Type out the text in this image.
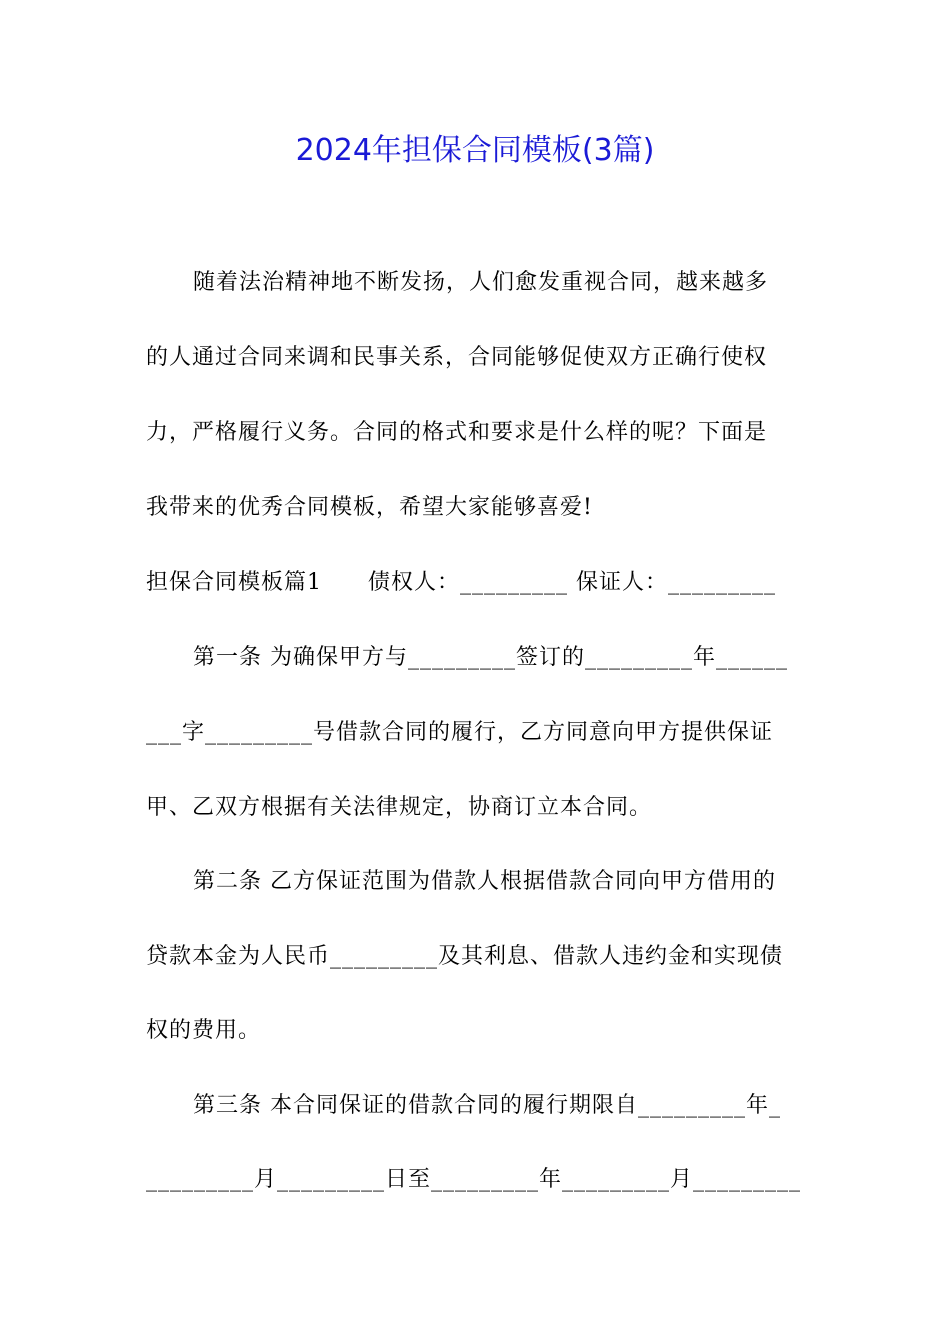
2024年担保合同模板(3篇)
随着法治精神地不断发扬，人们愈发重视合同，越来越多
的人通过合同来调和民事关系，合同能够促使双方正确行使权
力，严格履行义务。合同的格式和要求是什么样的呢？下面是
我带来的优秀合同模板，希望大家能够喜爱!
担保合同模板篇1　　债权人：_________ 保证人：_________
第一条 为确保甲方与_________签订的_________年______
___字_________号借款合同的履行，乙方同意向甲方提供保证
甲、乙双方根据有关法律规定，协商订立本合同。
第二条 乙方保证范围为借款人根据借款合同向甲方借用的
贷款本金为人民币_________及其利息、借款人违约金和实现债
权的费用。
第三条 本合同保证的借款合同的履行期限自_________年_
_________月_________日至_________年_________月_________
